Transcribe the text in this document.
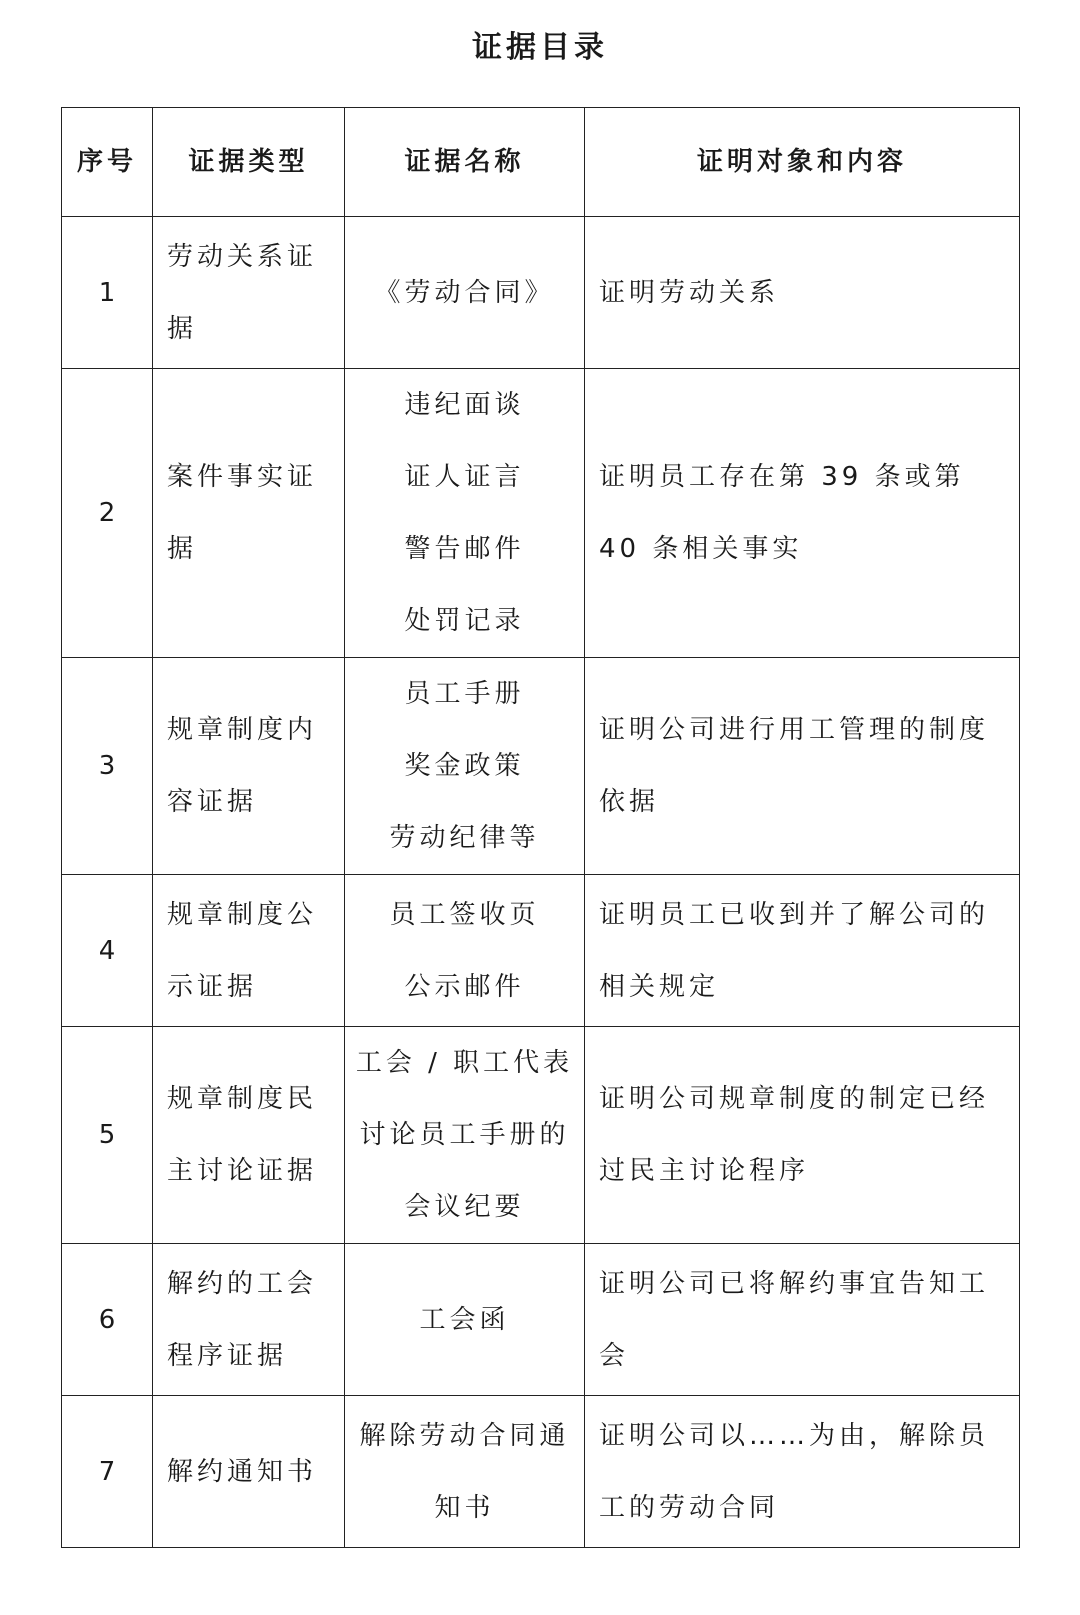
证据目录
序号	证据类型	证据名称	证明对象和内容
1	劳动关系证据	《劳动合同》	证明劳动关系
2	案件事实证据	违纪面谈
证人证言
警告邮件
处罚记录	证明员工存在第 39 条或第 40 条相关事实
3	规章制度内容证据	员工手册
奖金政策
劳动纪律等	证明公司进行用工管理的制度依据
4	规章制度公示证据	员工签收页
公示邮件	证明员工已收到并了解公司的相关规定
5	规章制度民主讨论证据	工会 / 职工代表
讨论员工手册的
会议纪要	证明公司规章制度的制定已经过民主讨论程序
6	解约的工会程序证据	工会函	证明公司已将解约事宜告知工会
7	解约通知书	解除劳动合同通知书	证明公司以……为由，解除员工的劳动合同
